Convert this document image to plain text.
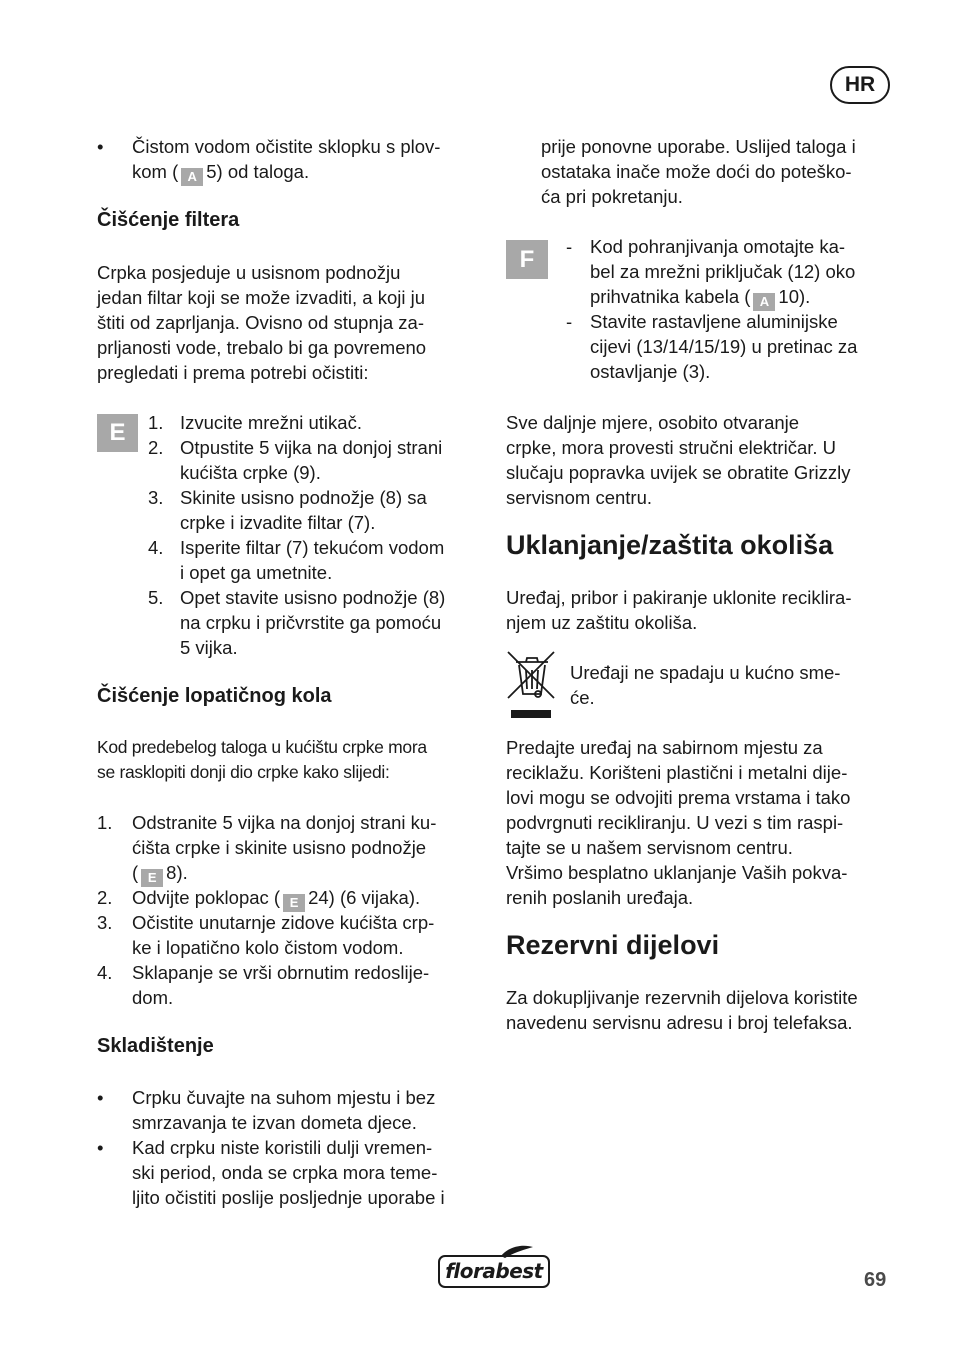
HR
• Čistom vodom očistite sklopku s plov-
kom ( A 5) od taloga.
Čišćenje filtera
Crpka posjeduje u usisnom podnožju
jedan filtar koji se može izvaditi, a koji ju
štiti od zaprljanja. Ovisno od stupnja za-
prljanosti vode, trebalo bi ga povremeno
pregledati i prema potrebi očistiti:
E	1. Izvucite mrežni utikač.
2. Otpustite 5 vijka na donjoj strani
kućišta crpke (9).
3. Skinite usisno podnožje (8) sa
crpke i izvadite filtar (7).
4. Isperite filtar (7) tekućom vodom
i opet ga umetnite.
5. Opet stavite usisno podnožje (8)
na crpku i pričvrstite ga pomoću
5 vijka.
Čišćenje lopatičnog kola
Kod predebelog taloga u kućištu crpke mora
se rasklopiti donji dio crpke kako slijedi:
1. Odstranite 5 vijka na donjoj strani ku-
ćišta crpke i skinite usisno podnožje
( E 8).
2. Odvijte poklopac ( E 24) (6 vijaka).
3. Očistite unutarnje zidove kućišta crp-
ke i lopatično kolo čistom vodom.
4. Sklapanje se vrši obrnutim redoslije-
dom.
Skladištenje
• Crpku čuvajte na suhom mjestu i bez
smrzavanja te izvan dometa djece.
• Kad crpku niste koristili dulji vremen-
ski period, onda se crpka mora teme-
ljito očistiti poslije posljednje uporabe i
prije ponovne uporabe. Uslijed taloga i
ostataka inače može doći do poteško-
ća pri pokretanju.
F	- Kod pohranjivanja omotajte ka-
bel za mrežni priključak (12) oko
prihvatnika kabela ( A 10).
- Stavite rastavljene aluminijske
cijevi (13/14/15/19) u pretinac za
ostavljanje (3).
Sve daljnje mjere, osobito otvaranje
crpke, mora provesti stručni električar. U
slučaju popravka uvijek se obratite Grizzly
servisnom centru.
Uklanjanje/zaštita okoliša
Uređaj, pribor i pakiranje uklonite reciklira-
njem uz zaštitu okoliša.
Uređaji ne spadaju u kućno sme-
će.
Predajte uređaj na sabirnom mjestu za
reciklažu. Korišteni plastični i metalni dije-
lovi mogu se odvojiti prema vrstama i tako
podvrgnuti recikliranju. U vezi s tim raspi-
tajte se u našem servisnom centru.
Vršimo besplatno uklanjanje Vaših pokva-
renih poslanih uređaja.
Rezervni dijelovi
Za dokupljivanje rezervnih dijelova koristite
navedenu servisnu adresu i broj telefaksa.
florabest	69
